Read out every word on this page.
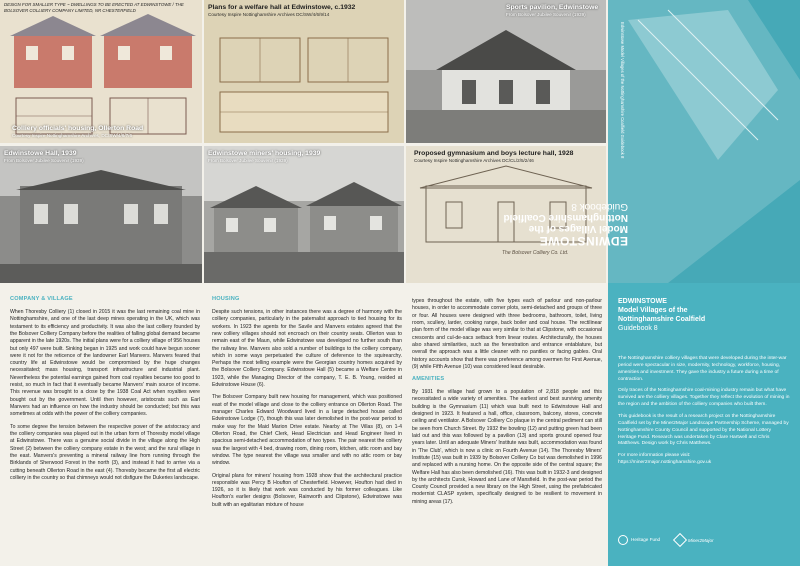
DESIGN FOR SMALLER TYPE ~ DWELLINGS TO BE ERECTED AT EDWINSTOWE / THE BOLSOVER COLLIERY COMPANY LIMITED, NR CHESTERFIELD
Colliery officials' housing, Ollerton Road
Courtesy Inspire Nottinghamshire Archives, DC/SW/4/6/7/6
Plans for a welfare hall at Edwinstowe, c.1932
Courtesy Inspire Nottinghamshire Archives DC/SW/4/6/9/14
Sports pavilion, Edwinstowe
From Bolsover Jubilee Souvenir (1939)
Edwinstowe Hall, 1939
From Bolsover Jubilee Souvenir (1939)
Edwinstowe miners' housing, 1939
From Bolsover Jubilee Souvenir (1939)
Proposed gymnasium and boys lecture hall, 1928
Courtesy Inspire Nottinghamshire Archives DC/CL/2/5/2/46
The Bolsover Colliery Co. Ltd.
Edwinstowe Model Villages of the Nottinghamshire Coalfield Guidebook 8
EDWINSTOWE
Model Villages of the
Nottinghamshire Coalfield
Guidebook 8
COMPANY & VILLAGE

When Thoresby Colliery (1) closed in 2015 it was the last remaining coal mine in Nottinghamshire, and one of the last deep mines operating in the UK, which was testament to its efficiency and productivity. It was also the last colliery founded by the Bolsover Colliery Company before the realities of falling global demand became apparent in the late 1920s. The initial plans were for a colliery village of 956 houses but only 497 were built. Sinking began in 1925 and work could have begun sooner were it not for the reticence of the landowner Earl Manvers. Manvers feared that country life at Edwinstowe would be compromised by the huge changes necessitated; mass housing, transport infrastructure and industrial plant. Nevertheless the potential earnings gained from coal royalties became too good to resist, so much in fact that it eventually became Manvers' main source of income. This revenue was brought to a close by the 1938 Coal Act when royalties were bought out by the government. Until then however, aristocrats such as Earl Manvers had an influence on how the industry should be conducted; but this was sometimes at odds with the power of the colliery companies.

To some degree the tension between the respective power of the aristocracy and the colliery companies was played out in the urban form of Thoresby model village at Edwinstowe. There was a genuine social divide in the village along the High Street (2) between the colliery company estate in the west; and the rural village in the east. Manvers's preventing a mineral railway line from running through the Birklands of Sherwood Forest in the north (3), and instead it had to arrive via a cutting beneath Ollerton Road in the east (4). Thoresby became the first all electric colliery in the country so that chimneys would not disfigure the Dukeries landscape.

HOUSING

Despite such tensions, in other instances there was a degree of harmony with the colliery companies, particularly in the paternalist approach to tied housing for its workers. In 1923 the agents for the Savile and Manvers estates agreed that the new colliery villages should not encroach on their country seats. Ollerton was to remain east of the Maun, while Edwinstowe was developed no further south than the railway line. Manvers also sold a number of buildings to the colliery company, which in some ways perpetuated the culture of deference to the squirearchy. Perhaps the most telling example were the Georgian country homes acquired by the Bolsover Colliery Company. Edwinstowe Hall (5) became a Welfare Centre in 1923, while the Managing Director of the company, T. E. B. Young, resided at Edwinstowe House (6).

The Bolsover Company built new housing for management, which was positioned east of the model village and close to the colliery entrance on Ollerton Road. The manager Charles Edward Woodward lived in a large detached house called Edwinstowe Lodge (7), though this was later demolished in the post-war period to make way for the Maid Marion Drive estate. Nearby at The Villas (8), on 1-4 Ollerton Road, the Chief Clerk, Head Electrician and Head Engineer lived in spacious semi-detached accommodation of two types. The pair nearest the colliery was the largest with 4 bed, drawing room, dining room, kitchen, attic room and bay window. The type nearest the village was smaller and with no attic room or bay window.

Original plans for miners' housing from 1928 show that the architectural practice responsible was Percy B Houfton of Chesterfield. However, Houfton had died in 1926, so it is likely that work was conducted by his former colleagues. Like Houfton's earlier designs (Bolsover, Rainworth and Clipstone), Edwinstowe was built with an egalitarian mixture of house

types throughout the estate, with five types each of parlour and non-parlour houses, in order to accommodate corner plots, semi-detached and groups of three or four. All houses were designed with three bedrooms, bathroom, toilet, living room, scullery, larder, cooking range, back boiler and coal house. The rectilinear plan form of the model village was very similar to that at Clipstone, with occasional crescents and cul-de-sacs setback from linear routes. Architecturally, the houses also shared similarities, such as the fenestration and entrance entablature, but overall the approach was a little cleaner with no pantiles or facing gables. Oral history accounts show that there was preference among overmen for First Avenue, (9) while Fifth Avenue (10) was considered least desirable.

AMENITIES

By 1931 the village had grown to a population of 2,818 people and this necessitated a wide variety of amenities. The earliest and best surviving amenity building is the Gymnasium (11) which was built next to Edwinstowe Hall and designed in 1923. It featured a hall, office, classroom, balcony, stores, concrete ceiling and ventilator. A Bolsover Colliery Co plaque in the central pediment can still be seen from Church Street. By 1932 the bowling (12) and putting green had been laid out and this was followed by a pavilion (13) and sports ground opened four years later. Until an adequate Miners' Institute was built, accommodation was found in 'The Club', which is now a clinic on Fourth Avenue (14). The Thoresby Miners' Institute (15) was built in 1939 by Bolsover Colliery Co but was demolished in 1996 and replaced with a nursing home. On the opposite side of the central square; the Welfare Hall has also been demolished (16). This was built in 1932-3 and designed by the architects Cursk, Howard and Lane of Mansfield. In the post-war period the County Council provided a new library on the High Street, using the prefabricated modernist CLASP system, specifically designed to be resilient to movement in mining areas (17).

EDWINSTOWE
Model Villages of the
Nottinghamshire Coalfield
Guidebook 8

The Nottinghamshire colliery villages that were developed during the inter-war period were spectacular in size, modernity, technology, workforce, housing, amenities and investment. They gave the industry a future during a time of contraction.

Only traces of the Nottinghamshire coal-mining industry remain but what have survived are the colliery villages. Together they reflect the evolution of mining in the region and the ambition of the colliery companies who built them.

This guidebook is the result of a research project on the Nottinghamshire Coalfield set by the Miner2Major Landscape Partnership Scheme, managed by Nottinghamshire County Council and supported by the National Lottery Heritage Fund. Research was undertaken by Clare Hartwell and Chris Matthews. Design work by Chris Matthews.

For more information please visit:

https://miner2major.nottinghamshire.gov.uk

Heritage Fund	Miner2Major
